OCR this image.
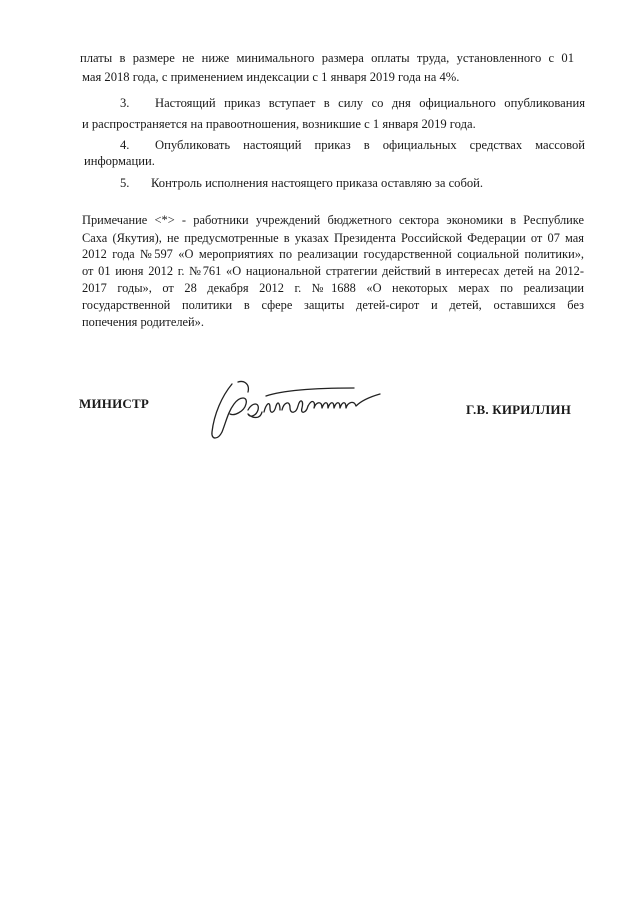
платы в размере не ниже минимального размера оплаты труда, установленного с 01
мая 2018 года, с применением индексации с 1 января 2019 года на 4%.
3. Настоящий приказ вступает в силу со дня официального опубликования
и распространяется на правоотношения, возникшие с 1 января 2019 года.
4. Опубликовать настоящий приказ в официальных средствах массовой
информации.
5. Контроль исполнения настоящего приказа оставляю за собой.
Примечание <*> - работники учреждений бюджетного сектора экономики в Республике
Саха (Якутия), не предусмотренные в указах Президента Российской Федерации от 07 мая
2012 года №597 «О мероприятиях по реализации государственной социальной политики»,
от 01 июня 2012 г. №761 «О национальной стратегии действий в интересах детей на 2012-
2017 годы», от 28 декабря 2012 г. №1688 «О некоторых мерах по реализации
государственной политики в сфере защиты детей-сирот и детей, оставшихся без
попечения родителей».
МИНИСТР	Г.В. КИРИЛЛИН
